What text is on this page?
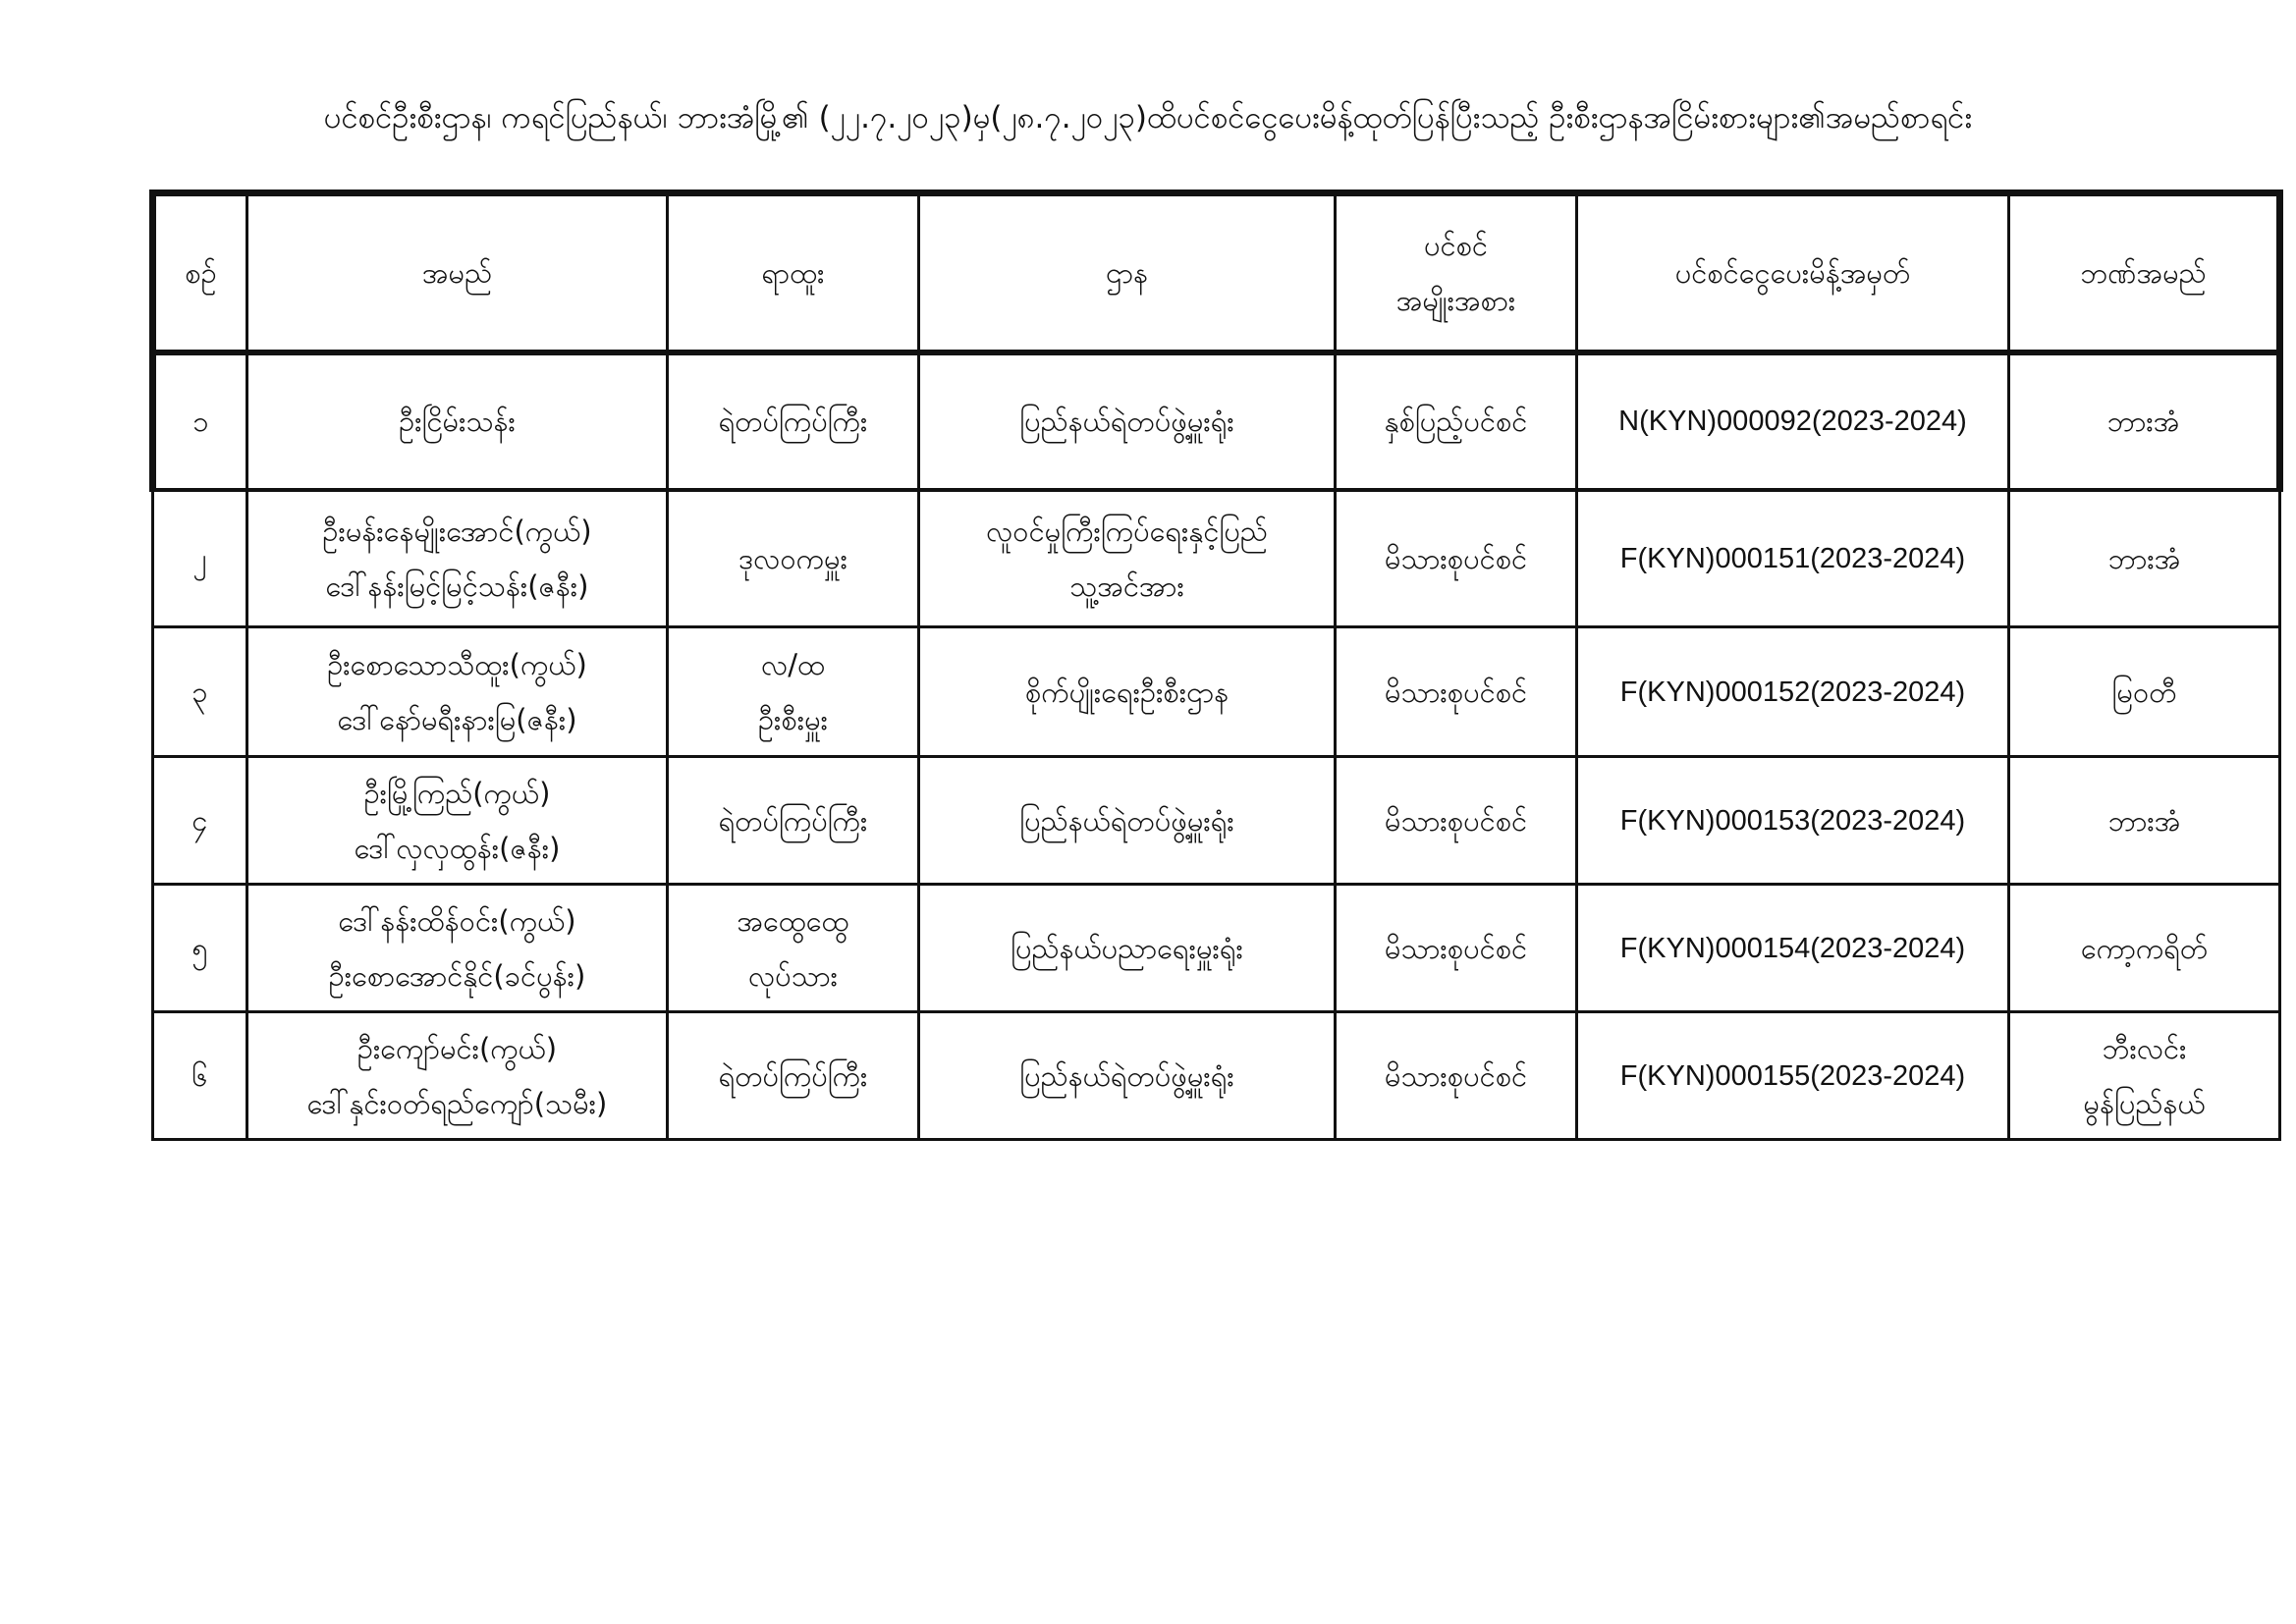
ပင်စင်ဦးစီးဌာန၊ ကရင်ပြည်နယ်၊ ဘားအံမြို့၏ (၂၂.၇.၂၀၂၃)မှ(၂၈.၇.၂၀၂၃)ထိပင်စင်ငွေပေးမိန့်ထုတ်ပြန်ပြီးသည့် ဦးစီးဌာနအငြိမ်းစားများ၏အမည်စာရင်း
စဉ်	အမည်	ရာထူး	ဌာန	ပင်စင်
အမျိုးအစား	ပင်စင်ငွေပေးမိန့်အမှတ်	ဘဏ်အမည်
၁	ဦးငြိမ်းသန်း	ရဲတပ်ကြပ်ကြီး	ပြည်နယ်ရဲတပ်ဖွဲ့မှူးရုံး	နှစ်ပြည့်ပင်စင်	N(KYN)000092(2023-2024)	ဘားအံ

၂	ဦးမန်းနေမျိုးအောင်(ကွယ်)
ဒေါ်နန်းမြင့်မြင့်သန်း(ဇနီး)	ဒုလဝကမှူး	လူဝင်မှုကြီးကြပ်ရေးနှင့်ပြည်
သူ့အင်အား	မိသားစုပင်စင်	F(KYN)000151(2023-2024)	ဘားအံ

၃	ဦးစောသောသီထူး(ကွယ်)
ဒေါ်နော်မရီးနားမြ(ဇနီး)	လ/ထ
ဦးစီးမှူး	စိုက်ပျိုးရေးဦးစီးဌာန	မိသားစုပင်စင်	F(KYN)000152(2023-2024)	မြဝတီ

၄	ဦးမြို့ကြည်(ကွယ်)
ဒေါ်လှလှထွန်း(ဇနီး)	ရဲတပ်ကြပ်ကြီး	ပြည်နယ်ရဲတပ်ဖွဲ့မှူးရုံး	မိသားစုပင်စင်	F(KYN)000153(2023-2024)	ဘားအံ

၅	ဒေါ်နန်းထိန်ဝင်း(ကွယ်)
ဦးစောအောင်နိုင်(ခင်ပွန်း)	အထွေထွေ
လုပ်သား	ပြည်နယ်ပညာရေးမှူးရုံး	မိသားစုပင်စင်	F(KYN)000154(2023-2024)	ကော့ကရိတ်

၆	ဦးကျော်မင်း(ကွယ်)
ဒေါ်နှင်းဝတ်ရည်ကျော်(သမီး)	ရဲတပ်ကြပ်ကြီး	ပြည်နယ်ရဲတပ်ဖွဲ့မှူးရုံး	မိသားစုပင်စင်	F(KYN)000155(2023-2024)	ဘီးလင်း
မွန်ပြည်နယ်
